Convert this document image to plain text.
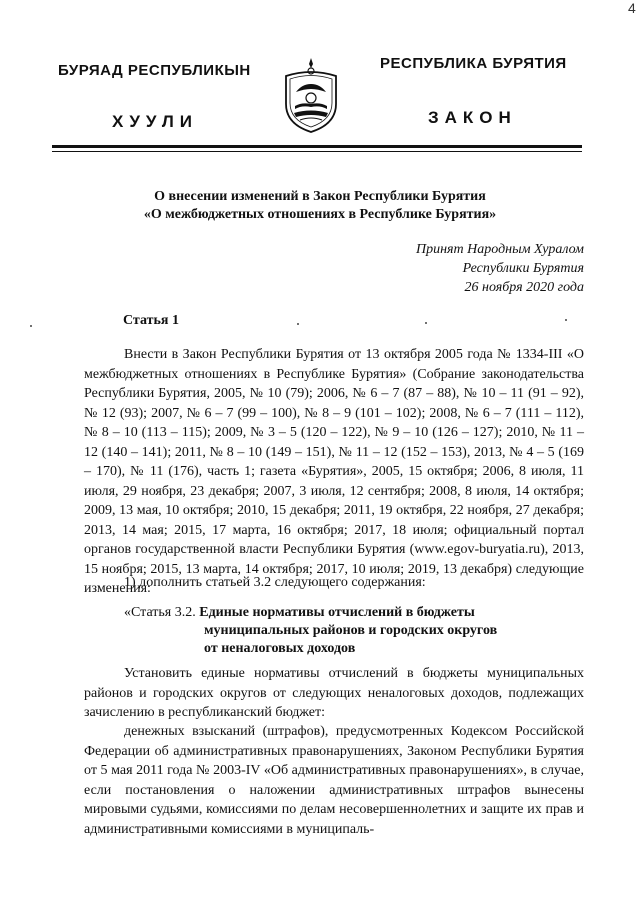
4
БУРЯАД РЕСПУБЛИКЫН
ХУУЛИ
РЕСПУБЛИКА БУРЯТИЯ
ЗАКОН
О внесении изменений в Закон Республики Бурятия
«О межбюджетных отношениях в Республике Бурятия»
Принят Народным Хуралом
Республики Бурятия
26 ноября 2020 года
Статья 1

Внести в Закон Республики Бурятия от 13 октября 2005 года № 1334-III «О межбюджетных отношениях в Республике Бурятия» (Собрание законодательства Республики Бурятия, 2005, № 10 (79); 2006, № 6 – 7 (87 – 88), № 10 – 11 (91 – 92), № 12 (93); 2007, № 6 – 7 (99 – 100), № 8 – 9 (101 – 102); 2008, № 6 – 7 (111 – 112), № 8 – 10 (113 – 115); 2009, № 3 – 5 (120 – 122), № 9 – 10 (126 – 127); 2010, № 11 – 12 (140 – 141); 2011, № 8 – 10 (149 – 151), № 11 – 12 (152 – 153), 2013, № 4 – 5 (169 – 170), № 11 (176), часть 1; газета «Бурятия», 2005, 15 октября; 2006, 8 июля, 11 июля, 29 ноября, 23 декабря; 2007, 3 июля, 12 сентября; 2008, 8 июля, 14 октября; 2009, 13 мая, 10 октября; 2010, 15 декабря; 2011, 19 октября, 22 ноября, 27 декабря; 2013, 14 мая; 2015, 17 марта, 16 октября; 2017, 18 июля; официальный портал органов государственной власти Республики Бурятия (www.egov-buryatia.ru), 2013, 15 ноября; 2015, 13 марта, 14 октября; 2017, 10 июля; 2019, 13 декабря) следующие изменения:

1) дополнить статьей 3.2 следующего содержания:
«Статья 3.2. Единые нормативы отчислений в бюджеты
муниципальных районов и городских округов
от неналоговых доходов

Установить единые нормативы отчислений в бюджеты муниципальных районов и городских округов от следующих неналоговых доходов, подлежащих зачислению в республиканский бюджет:

денежных взысканий (штрафов), предусмотренных Кодексом Российской Федерации об административных правонарушениях, Законом Республики Бурятия от 5 мая 2011 года № 2003-IV «Об административных правонарушениях», в случае, если постановления о наложении административных штрафов вынесены мировыми судьями, комиссиями по делам несовершеннолетних и защите их прав и административными комиссиями в муниципаль-
